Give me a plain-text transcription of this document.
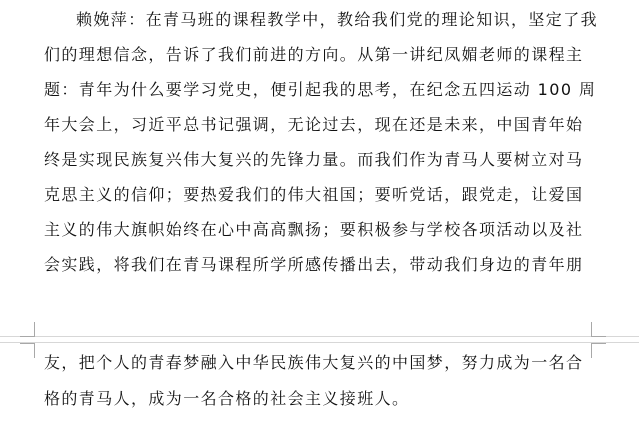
赖娩萍：在青马班的课程教学中，教给我们党的理论知识，坚定了我
们的理想信念，告诉了我们前进的方向。从第一讲纪凤媚老师的课程主
题：青年为什么要学习党史，便引起我的思考，在纪念五四运动 100 周
年大会上，习近平总书记强调，无论过去，现在还是未来，中国青年始
终是实现民族复兴伟大复兴的先锋力量。而我们作为青马人要树立对马
克思主义的信仰；要热爱我们的伟大祖国；要听党话，跟党走，让爱国
主义的伟大旗帜始终在心中高高飘扬；要积极参与学校各项活动以及社
会实践，将我们在青马课程所学所感传播出去，带动我们身边的青年朋
友，把个人的青春梦融入中华民族伟大复兴的中国梦，努力成为一名合
格的青马人，成为一名合格的社会主义接班人。
